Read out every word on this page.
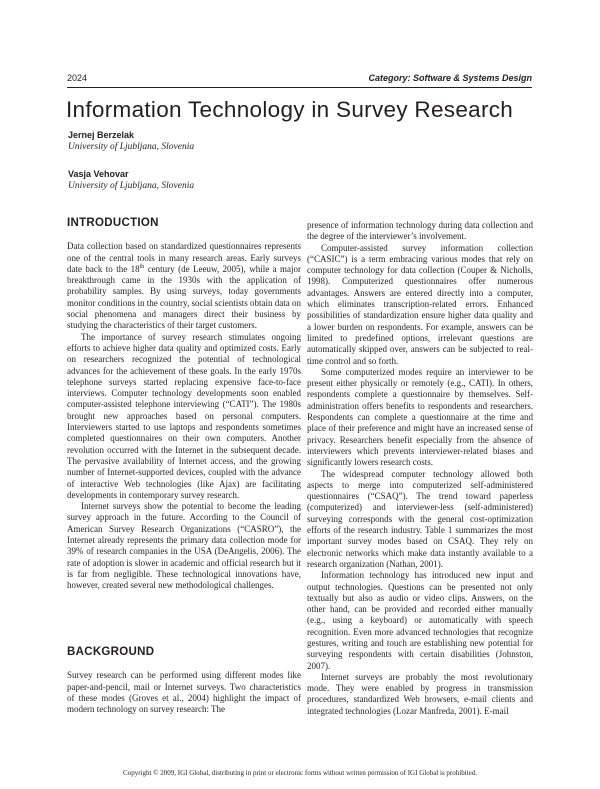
2024	Category: Software & Systems Design
Information Technology in Survey Research
Jernej Berzelak
University of Ljubljana, Slovenia
Vasja Vehovar
University of Ljubljana, Slovenia
INTRODUCTION

Data collection based on standardized questionnaires represents one of the central tools in many research areas. Early surveys date back to the 18th century (de Leeuw, 2005), while a major breakthrough came in the 1930s with the application of probability samples. By using surveys, today governments monitor conditions in the country, social scientists obtain data on social phenomena and managers direct their business by studying the characteristics of their target customers.

The importance of survey research stimulates ongoing efforts to achieve higher data quality and optimized costs. Early on researchers recognized the potential of technological advances for the achievement of these goals. In the early 1970s telephone surveys started replacing expensive face-to-face interviews. Computer technology developments soon enabled computer-assisted telephone interviewing (“CATI”). The 1980s brought new approaches based on personal computers. Interviewers started to use laptops and respondents sometimes completed questionnaires on their own computers. Another revolution occurred with the Internet in the subsequent decade. The pervasive availability of Internet access, and the growing number of Internet-supported devices, coupled with the advance of interactive Web technologies (like Ajax) are facilitating developments in contemporary survey research.

Internet surveys show the potential to become the leading survey approach in the future. According to the Council of American Survey Research Organizations (“CASRO”), the Internet already represents the primary data collection mode for 39% of research companies in the USA (DeAngelis, 2006). The rate of adoption is slower in academic and official research but it is far from negligible. These technological innovations have, however, created several new methodological challenges.

BACKGROUND

Survey research can be performed using different modes like paper-and-pencil, mail or Internet surveys. Two characteristics of these modes (Groves et al., 2004) highlight the impact of modern technology on survey research: The

presence of information technology during data collection and the degree of the interviewer’s involvement.

Computer-assisted survey information collection (“CASIC”) is a term embracing various modes that rely on computer technology for data collection (Couper & Nicholls, 1998). Computerized questionnaires offer numerous advantages. Answers are entered directly into a computer, which eliminates transcription-related errors. Enhanced possibilities of standardization ensure higher data quality and a lower burden on respondents. For example, answers can be limited to predefined options, irrelevant questions are automatically skipped over, answers can be subjected to real-time control and so forth.

Some computerized modes require an interviewer to be present either physically or remotely (e.g., CATI). In others, respondents complete a questionnaire by themselves. Self-administration offers benefits to respondents and researchers. Respondents can complete a questionnaire at the time and place of their preference and might have an increased sense of privacy. Researchers benefit especially from the absence of interviewers which prevents interviewer-related biases and significantly lowers research costs.

The widespread computer technology allowed both aspects to merge into computerized self-administered questionnaires (“CSAQ”). The trend toward paperless (computerized) and interviewer-less (self-administered) surveying corresponds with the general cost-optimization efforts of the research industry. Table 1 summarizes the most important survey modes based on CSAQ. They rely on electronic networks which make data instantly available to a research organization (Nathan, 2001).

Information technology has introduced new input and output technologies. Questions can be presented not only textually but also as audio or video clips. Answers, on the other hand, can be provided and recorded either manually (e.g., using a keyboard) or automatically with speech recognition. Even more advanced technologies that recognize gestures, writing and touch are establishing new potential for surveying respondents with certain disabilities (Johnston, 2007).

Internet surveys are probably the most revolutionary mode. They were enabled by progress in transmission procedures, standardized Web browsers, e-mail clients and integrated technologies (Lozar Manfreda, 2001). E-mail

Copyright © 2009, IGI Global, distributing in print or electronic forms without written permission of IGI Global is prohibited.
